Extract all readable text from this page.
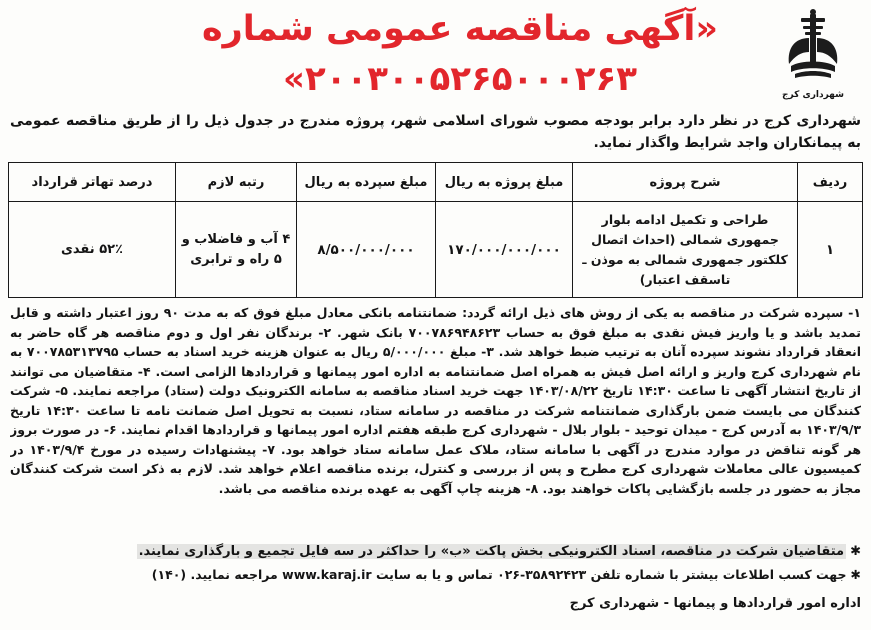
شهرداری کرج
«آگهی مناقصه عمومی شماره
۲۰۰۳۰۰۵۲۶۵۰۰۰۲۶۳»
شهرداری کرج در نظر دارد برابر بودجه مصوب شورای اسلامی شهر، پروژه مندرج در جدول ذیل را از طریق مناقصه عمومی به پیمانکاران واجد شرایط واگذار نماید.
ردیف	شرح پروژه	مبلغ پروژه به ریال	مبلغ سپرده به ریال	رتبه لازم	درصد تهاتر قرارداد
۱	طراحی و تکمیل ادامه بلوار جمهوری شمالی (احداث اتصال کلکتور جمهوری شمالی به موذن ـ تاسقف اعتبار)	۱۷۰/۰۰۰/۰۰۰/۰۰۰	۸/۵۰۰/۰۰۰/۰۰۰	۴ آب و فاضلاب و ۵ راه و ترابری	۵۲٪ نقدی
۱- سپرده شرکت در مناقصه به یکی از روش های ذیل ارائه گردد: ضمانتنامه بانکی معادل مبلغ فوق که به مدت ۹۰ روز اعتبار داشته و قابل تمدید باشد و یا واریز فیش نقدی به مبلغ فوق به حساب ۷۰۰۷۸۶۹۴۸۶۲۳ بانک شهر. ۲- برندگان نفر اول و دوم مناقصه هر گاه حاضر به انعقاد قرارداد نشوند سپرده آنان به ترتیب ضبط خواهد شد. ۳- مبلغ ۵/۰۰۰/۰۰۰ ریال به عنوان هزینه خرید اسناد به حساب ۷۰۰۷۸۵۳۱۳۷۹۵ به نام شهرداری کرج واریز و ارائه اصل فیش به همراه اصل ضمانتنامه به اداره امور پیمانها و قراردادها الزامی است. ۴- متقاضیان می توانند از تاریخ انتشار آگهی تا ساعت ۱۴:۳۰ تاریخ ۱۴۰۳/۰۸/۲۲ جهت خرید اسناد مناقصه به سامانه الکترونیک دولت (ستاد) مراجعه نمایند. ۵- شرکت کنندگان می بایست ضمن بارگذاری ضمانتنامه شرکت در مناقصه در سامانه ستاد، نسبت به تحویل اصل ضمانت نامه تا ساعت ۱۴:۳۰ تاریخ ۱۴۰۳/۹/۳ به آدرس کرج - میدان توحید - بلوار بلال - شهرداری کرج طبقه هفتم اداره امور پیمانها و قراردادها اقدام نمایند. ۶- در صورت بروز هر گونه تناقض در موارد مندرج در آگهی با سامانه ستاد، ملاک عمل سامانه ستاد خواهد بود. ۷- پیشنهادات رسیده در مورخ ۱۴۰۳/۹/۴ در کمیسیون عالی معاملات شهرداری کرج مطرح و پس از بررسی و کنترل، برنده مناقصه اعلام خواهد شد. لازم به ذکر است شرکت کنندگان مجاز به حضور در جلسه بازگشایی پاکات خواهند بود. ۸- هزینه چاپ آگهی به عهده برنده مناقصه می باشد.
✱متقاضیان شرکت در مناقصه، اسناد الکترونیکی بخش پاکت «ب» را حداکثر در سه فایل تجمیع و بارگذاری نمایند.
✱جهت کسب اطلاعات بیشتر با شماره تلفن ۳۵۸۹۲۴۲۳-۰۲۶ تماس و یا به سایت www.karaj.ir مراجعه نمایید. (۱۴۰)
اداره امور قراردادها و پیمانها - شهرداری کرج
